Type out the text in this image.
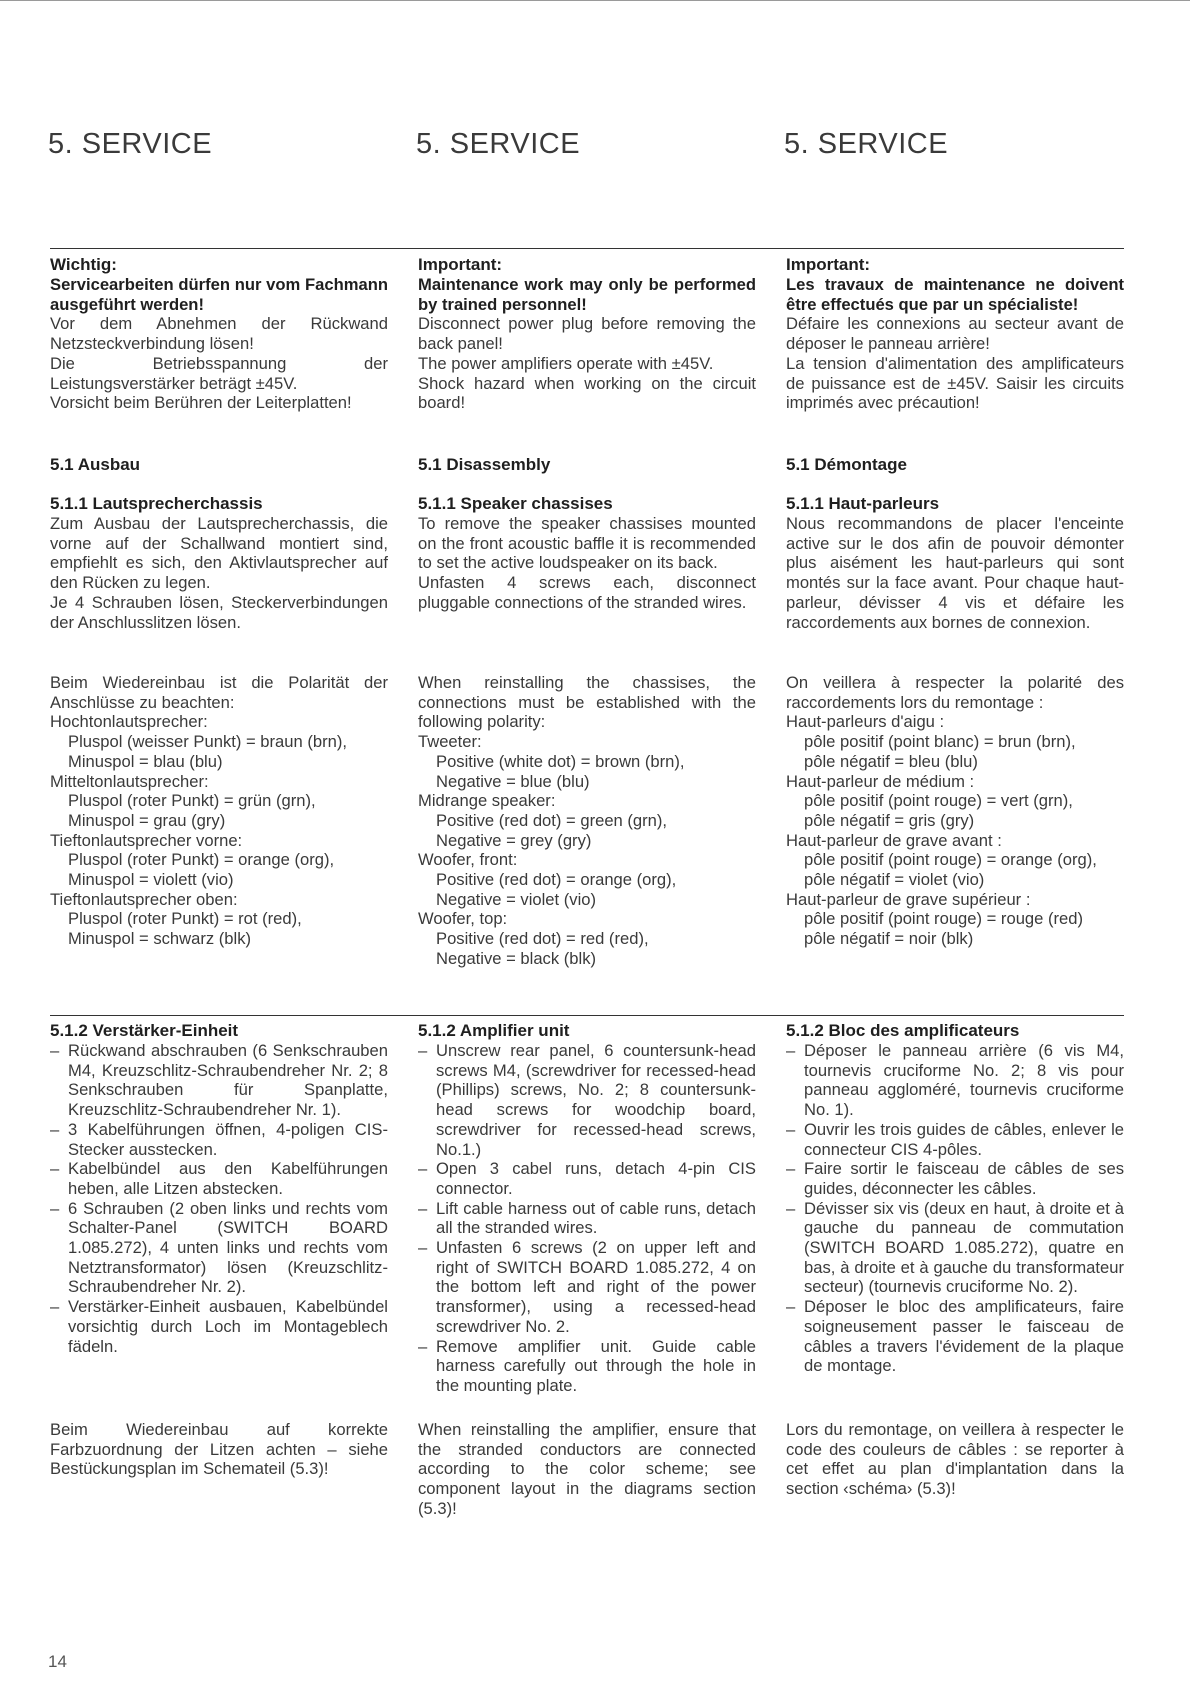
5. SERVICE	5. SERVICE	5. SERVICE

Wichtig:

Servicearbeiten dürfen nur vom Fachmann ausgeführt werden!

Vor dem Abnehmen der Rückwand Netzsteckverbindung lösen!

Die Betriebsspannung der Leistungsverstärker beträgt ±45V.

Vorsicht beim Berühren der Leiterplatten!

5.1 Ausbau

5.1.1 Lautsprecherchassis

Zum Ausbau der Lautsprecherchassis, die vorne auf der Schallwand montiert sind, empfiehlt es sich, den Aktivlautsprecher auf den Rücken zu legen.

Je 4 Schrauben lösen, Steckerverbindungen der Anschlusslitzen lösen.

Beim Wiedereinbau ist die Polarität der Anschlüsse zu beachten:

Hochtonlautsprecher:

Pluspol (weisser Punkt) = braun (brn),

Minuspol = blau (blu)

Mitteltonlautsprecher:

Pluspol (roter Punkt) = grün (grn),

Minuspol = grau (gry)

Tieftonlautsprecher vorne:

Pluspol (roter Punkt) = orange (org),

Minuspol = violett (vio)

Tieftonlautsprecher oben:

Pluspol (roter Punkt) = rot (red),

Minuspol = schwarz (blk)

5.1.2 Verstärker-Einheit

– Rückwand abschrauben (6 Senkschrauben M4, Kreuzschlitz-Schraubendreher Nr. 2; 8 Senkschrauben für Spanplatte, Kreuzschlitz-Schraubendreher Nr. 1).
– 3 Kabelführungen öffnen, 4-poligen CIS-Stecker ausstecken.
– Kabelbündel aus den Kabelführungen heben, alle Litzen abstecken.
– 6 Schrauben (2 oben links und rechts vom Schalter-Panel (SWITCH BOARD 1.085.272), 4 unten links und rechts vom Netztransformator) lösen (Kreuzschlitz-Schraubendreher Nr. 2).
– Verstärker-Einheit ausbauen, Kabelbündel vorsichtig durch Loch im Montageblech fädeln.

Beim Wiedereinbau auf korrekte Farbzuordnung der Litzen achten – siehe Bestückungsplan im Schemateil (5.3)!

Important:

Maintenance work may only be performed by trained personnel!

Disconnect power plug before removing the back panel!

The power amplifiers operate with ±45V.

Shock hazard when working on the circuit board!

5.1 Disassembly

5.1.1 Speaker chassises

To remove the speaker chassises mounted on the front acoustic baffle it is recommended to set the active loudspeaker on its back.

Unfasten 4 screws each, disconnect pluggable connections of the stranded wires.

When reinstalling the chassises, the connections must be established with the following polarity:

Tweeter:

Positive (white dot) = brown (brn),

Negative = blue (blu)

Midrange speaker:

Positive (red dot) = green (grn),

Negative = grey (gry)

Woofer, front:

Positive (red dot) = orange (org),

Negative = violet (vio)

Woofer, top:

Positive (red dot) = red (red),

Negative = black (blk)

5.1.2 Amplifier unit

– Unscrew rear panel, 6 countersunk-head screws M4, (screwdriver for recessed-head (Phillips) screws, No. 2; 8 countersunk-head screws for woodchip board, screwdriver for recessed-head screws, No.1.)
– Open 3 cabel runs, detach 4-pin CIS connector.
– Lift cable harness out of cable runs, detach all the stranded wires.
– Unfasten 6 screws (2 on upper left and right of SWITCH BOARD 1.085.272, 4 on the bottom left and right of the power transformer), using a recessed-head screwdriver No. 2.
– Remove amplifier unit. Guide cable harness carefully out through the hole in the mounting plate.

When reinstalling the amplifier, ensure that the stranded conductors are connected according to the color scheme; see component layout in the diagrams section (5.3)!

Important:

Les travaux de maintenance ne doivent être effectués que par un spécialiste!

Défaire les connexions au secteur avant de déposer le panneau arrière!

La tension d'alimentation des amplificateurs de puissance est de ±45V. Saisir les circuits imprimés avec précaution!

5.1 Démontage

5.1.1 Haut-parleurs

Nous recommandons de placer l'enceinte active sur le dos afin de pouvoir démonter plus aisément les haut-parleurs qui sont montés sur la face avant. Pour chaque haut-parleur, dévisser 4 vis et défaire les raccordements aux bornes de connexion.

On veillera à respecter la polarité des raccordements lors du remontage :

Haut-parleurs d'aigu :

pôle positif (point blanc) = brun (brn),

pôle négatif = bleu (blu)

Haut-parleur de médium :

pôle positif (point rouge) = vert (grn),

pôle négatif = gris (gry)

Haut-parleur de grave avant :

pôle positif (point rouge) = orange (org),

pôle négatif = violet (vio)

Haut-parleur de grave supérieur :

pôle positif (point rouge) = rouge (red)

pôle négatif = noir (blk)

5.1.2 Bloc des amplificateurs

– Déposer le panneau arrière (6 vis M4, tournevis cruciforme No. 2; 8 vis pour panneau aggloméré, tournevis cruciforme No. 1).
– Ouvrir les trois guides de câbles, enlever le connecteur CIS 4-pôles.
– Faire sortir le faisceau de câbles de ses guides, déconnecter les câbles.
– Dévisser six vis (deux en haut, à droite et à gauche du panneau de commutation (SWITCH BOARD 1.085.272), quatre en bas, à droite et à gauche du transformateur secteur) (tournevis cruciforme No. 2).
– Déposer le bloc des amplificateurs, faire soigneusement passer le faisceau de câbles a travers l'évidement de la plaque de montage.

Lors du remontage, on veillera à respecter le code des couleurs de câbles : se reporter à cet effet au plan d'implantation dans la section ‹schéma› (5.3)!

14
